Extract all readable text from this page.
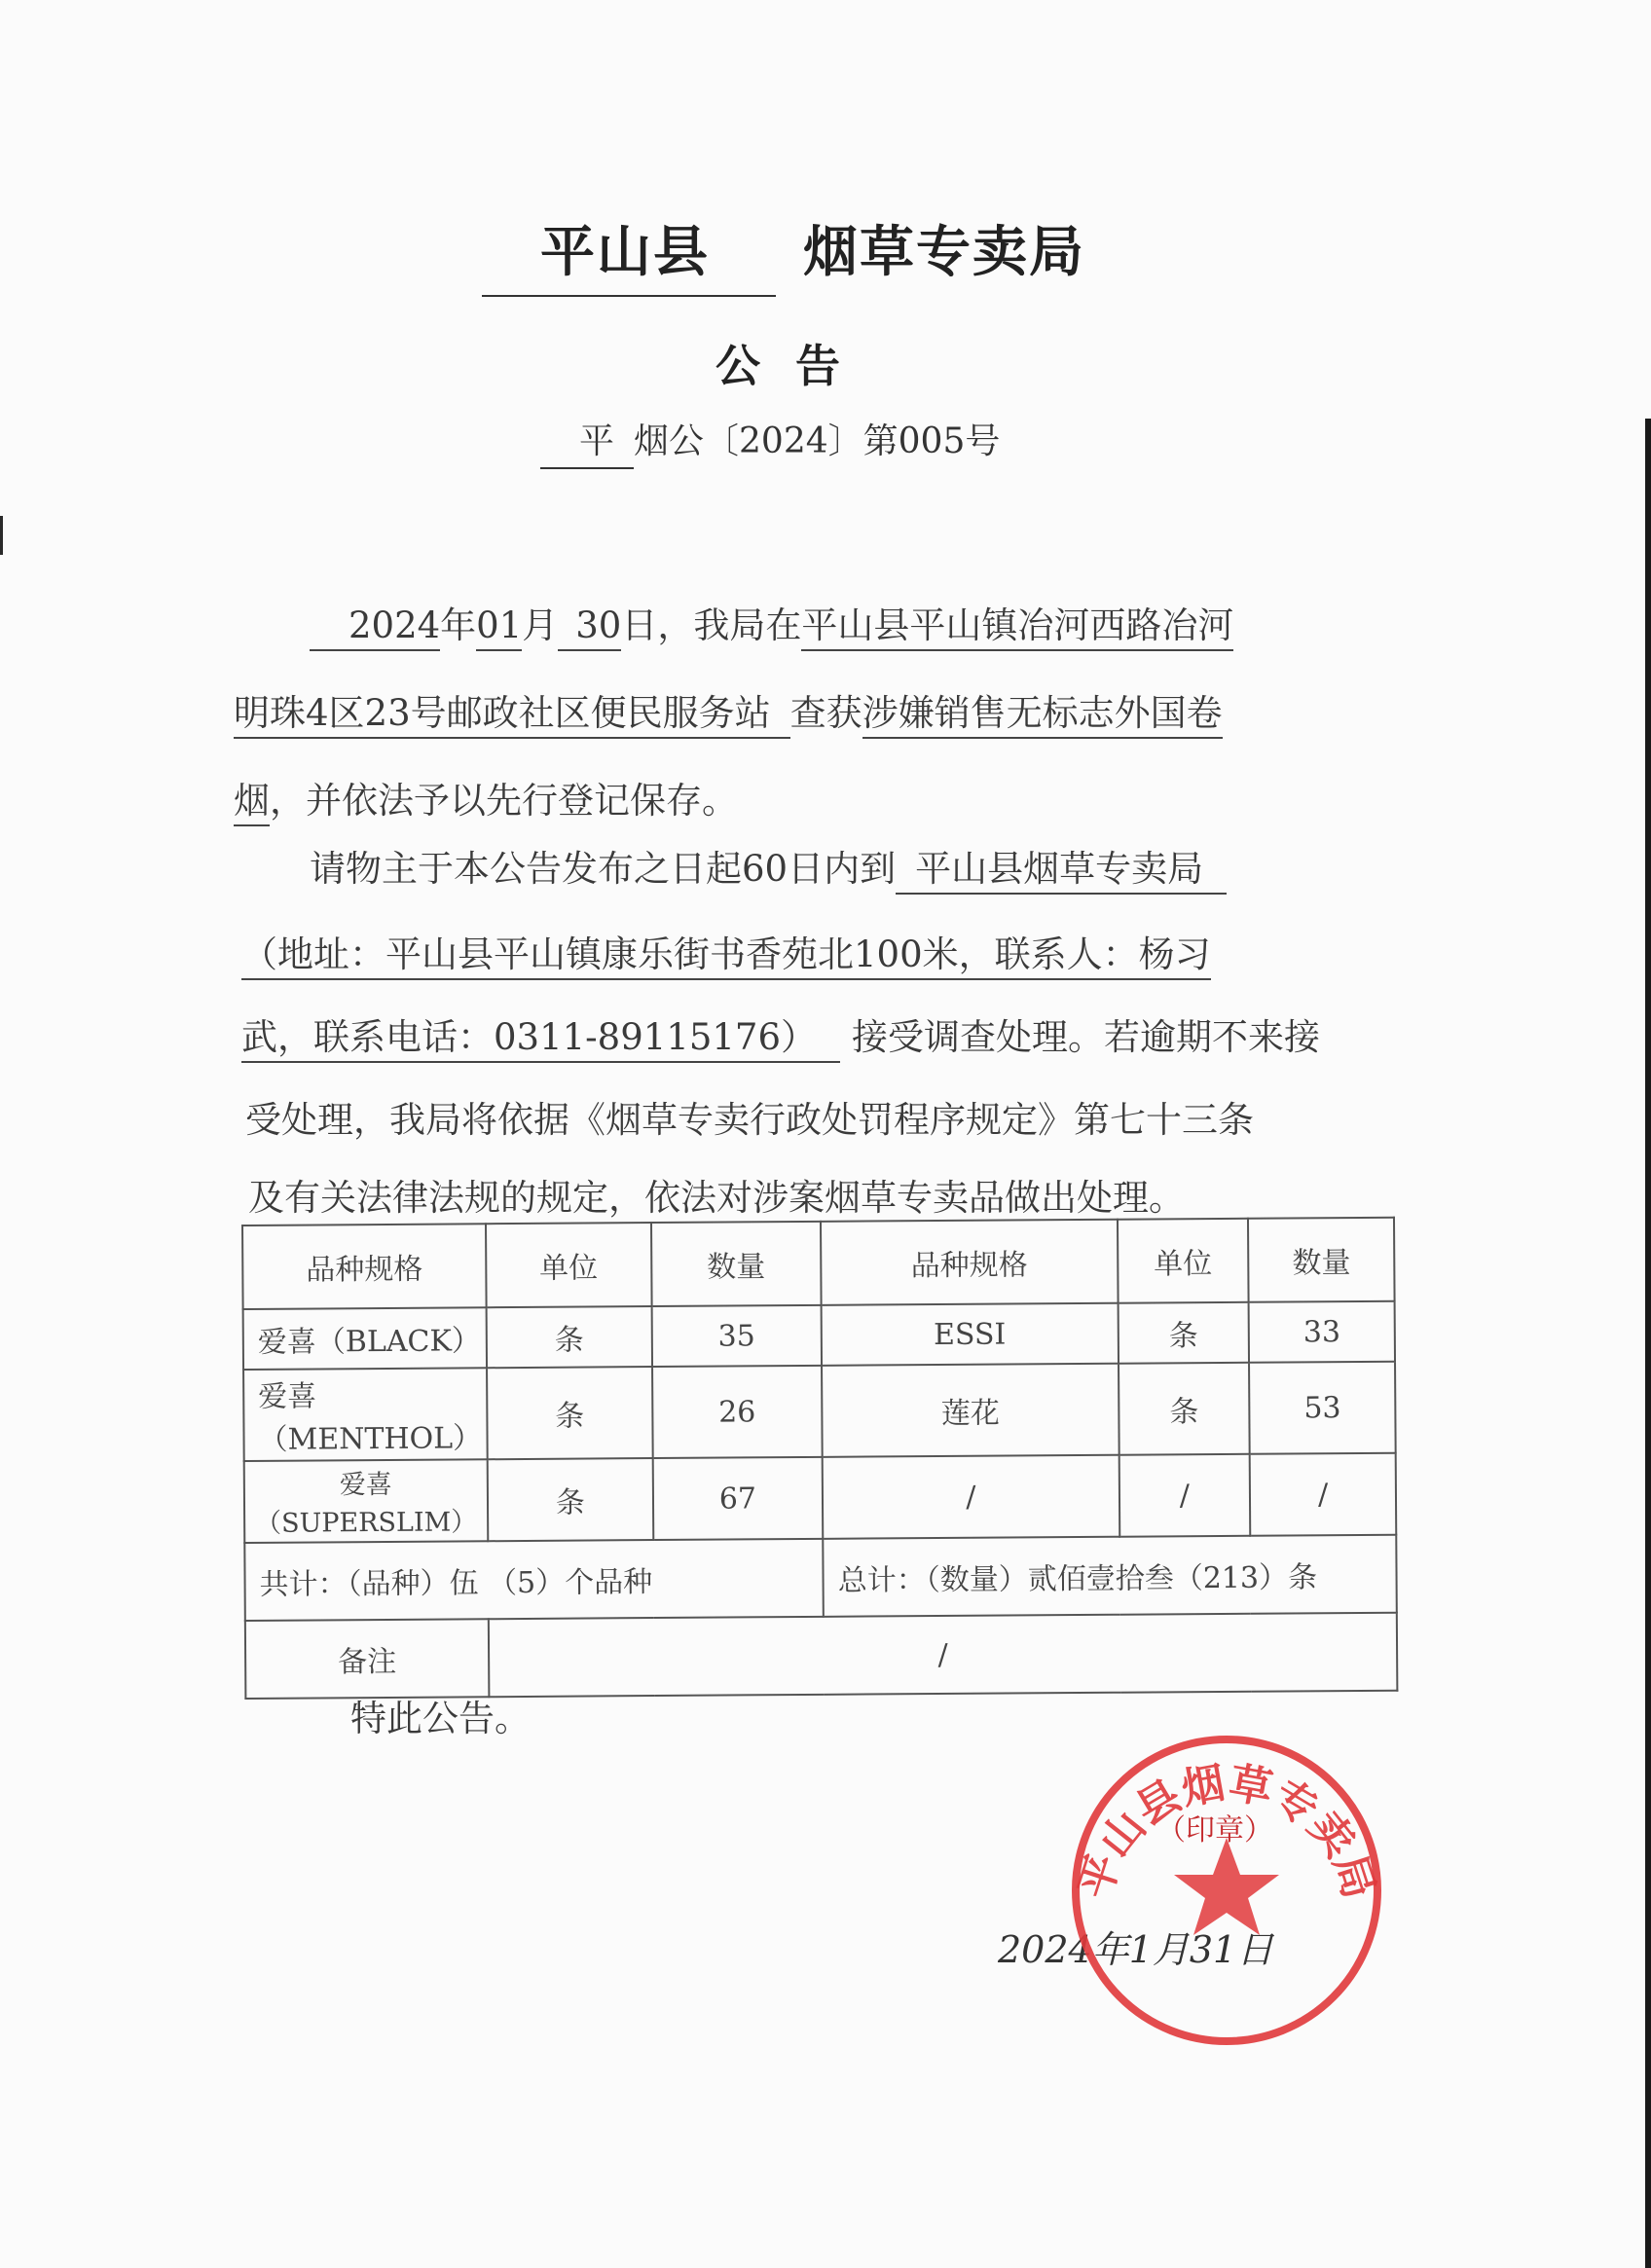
平山县 烟草专卖局
公告
平 烟公〔2024〕第005号
2024年01月 30日，我局在平山县平山镇冶河西路冶河
明珠4区23号邮政社区便民服务站 查获涉嫌销售无标志外国卷
烟，并依法予以先行登记保存。
请物主于本公告发布之日起60日内到 平山县烟草专卖局
（地址：平山县平山镇康乐街书香苑北100米，联系人：杨习
武，联系电话：0311-89115176） 接受调查处理。若逾期不来接
受处理，我局将依据《烟草专卖行政处罚程序规定》第七十三条
及有关法律法规的规定，依法对涉案烟草专卖品做出处理。
品种规格	单位	数量	品种规格	单位	数量
爱喜（BLACK）	条	35	ESSI	条	33
爱喜（MENTHOL）	条	26	莲花	条	53
爱喜（SUPERSLIM）	条	67	/	/	/
共计：（品种）伍 （5）个品种			总计：（数量）贰佰壹拾叁（213）条		
备注	/				
特此公告。
2024年1月31日
平山县烟草专卖局
（印章）
